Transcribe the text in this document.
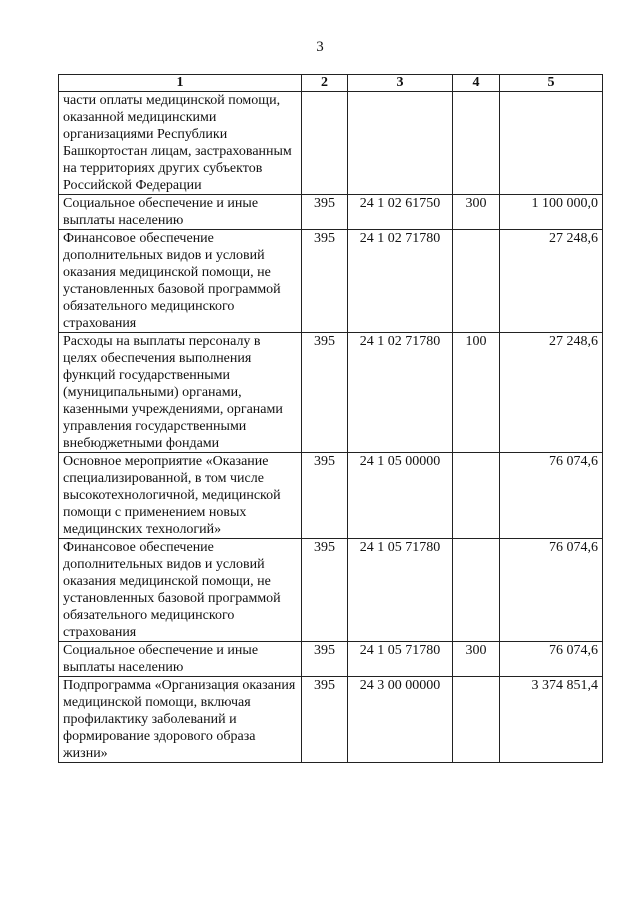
3
1	2	3	4	5
части оплаты медицинской помощи, оказанной медицинскими организациями Республики Башкортостан лицам, застрахованным на территориях других субъектов Российской Федерации				
Социальное обеспечение и иные выплаты населению	395	24 1 02 61750	300	1 100 000,0
Финансовое обеспечение дополнительных видов и условий оказания медицинской помощи, не установленных базовой программой обязательного медицинского страхования	395	24 1 02 71780		27 248,6
Расходы на выплаты персоналу в целях обеспечения выполнения функций государственными (муниципальными) органами, казенными учреждениями, органами управления государственными внебюджетными фондами	395	24 1 02 71780	100	27 248,6
Основное мероприятие «Оказание специализированной, в том числе высокотехнологичной, медицинской помощи с применением новых медицинских технологий»	395	24 1 05 00000		76 074,6
Финансовое обеспечение дополнительных видов и условий оказания медицинской помощи, не установленных базовой программой обязательного медицинского страхования	395	24 1 05 71780		76 074,6
Социальное обеспечение и иные выплаты населению	395	24 1 05 71780	300	76 074,6
Подпрограмма «Организация оказания медицинской помощи, включая профилактику заболеваний и формирование здорового образа жизни»	395	24 3 00 00000		3 374 851,4
